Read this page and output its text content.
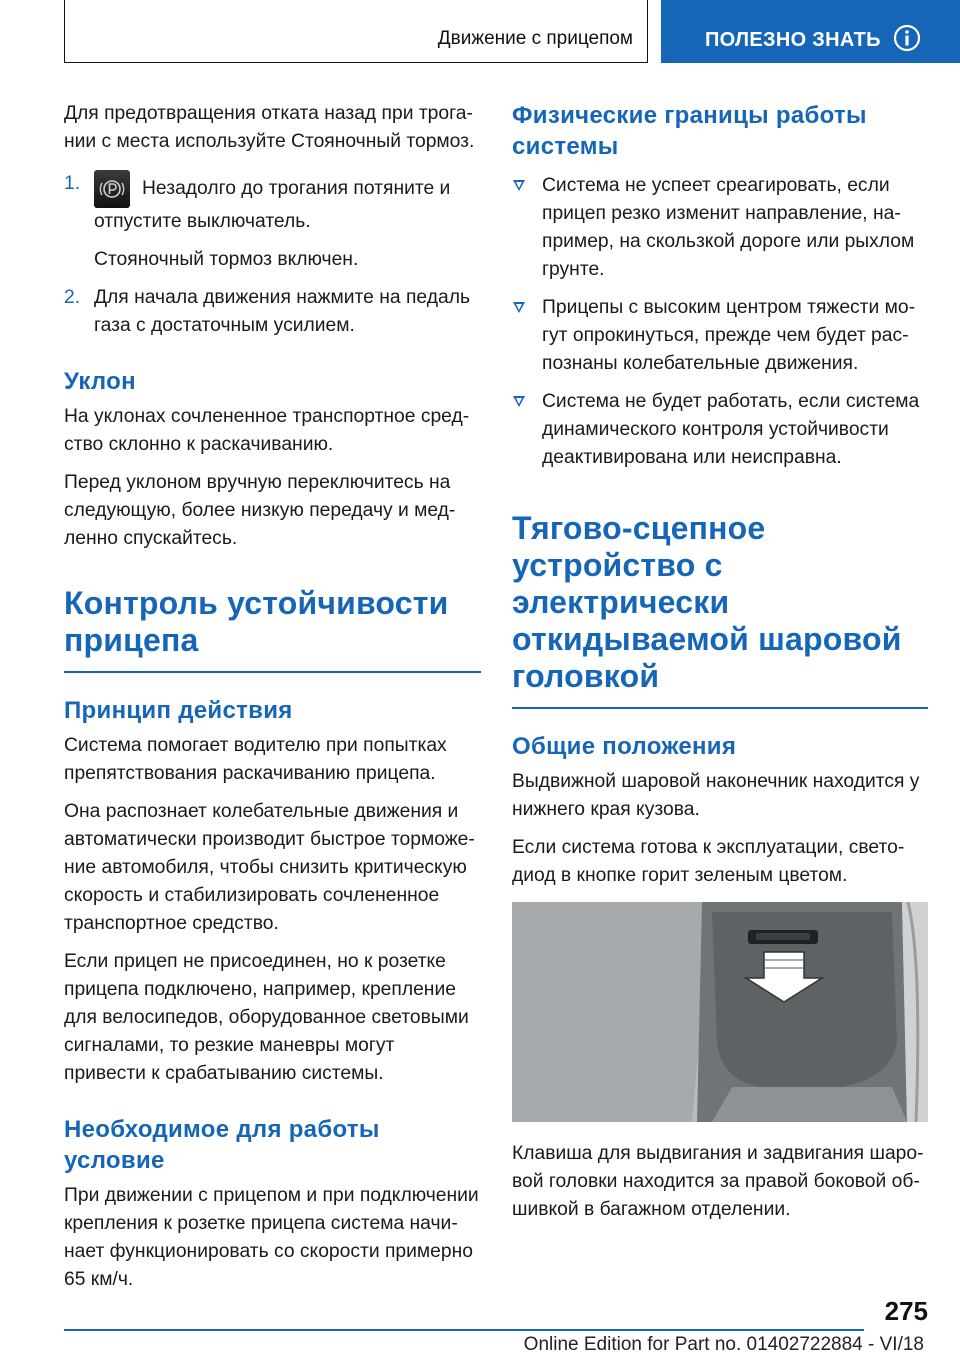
Движение с прицепом	ПОЛЕЗНО ЗНАТЬ

Для предотвращения отката назад при трогании с места используйте Стояночный тормоз.

1.	Незадолго до трогания потяните и отпустите выключатель.

Стояночный тормоз включен.

2. Для начала движения нажмите на педаль газа с достаточным усилием.

Уклон

На уклонах сочлененное транспортное средство склонно к раскачиванию.

Перед уклоном вручную переключитесь на следующую, более низкую передачу и медленно спускайтесь.

Контроль устойчивости прицепа
Принцип действия

Система помогает водителю при попытках препятствования раскачиванию прицепа.

Она распознает колебательные движения и автоматически производит быстрое торможение автомобиля, чтобы снизить критическую скорость и стабилизировать сочлененное транспортное средство.

Если прицеп не присоединен, но к розетке прицепа подключено, например, крепление для велосипедов, оборудованное световыми сигналами, то резкие маневры могут привести к срабатыванию системы.

Необходимое для работы условие

При движении с прицепом и при подключении крепления к розетке прицепа система начинает функционировать со скорости примерно 65 км/ч.

Физические границы работы системы

Система не успеет среагировать, если прицеп резко изменит направление, например, на скользкой дороге или рыхлом грунте.

Прицепы с высоким центром тяжести могут опрокинуться, прежде чем будет распознаны колебательные движения.

Система не будет работать, если система динамического контроля устойчивости деактивирована или неисправна.

Тягово-сцепное устройство с электрически откидываемой шаровой головкой
Общие положения

Выдвижной шаровой наконечник находится у нижнего края кузова.

Если система готова к эксплуатации, светодиод в кнопке горит зеленым цветом.

Клавиша для выдвигания и задвигания шаровой головки находится за правой боковой обшивкой в багажном отделении.

275
Online Edition for Part no. 01402722884 - VI/18
